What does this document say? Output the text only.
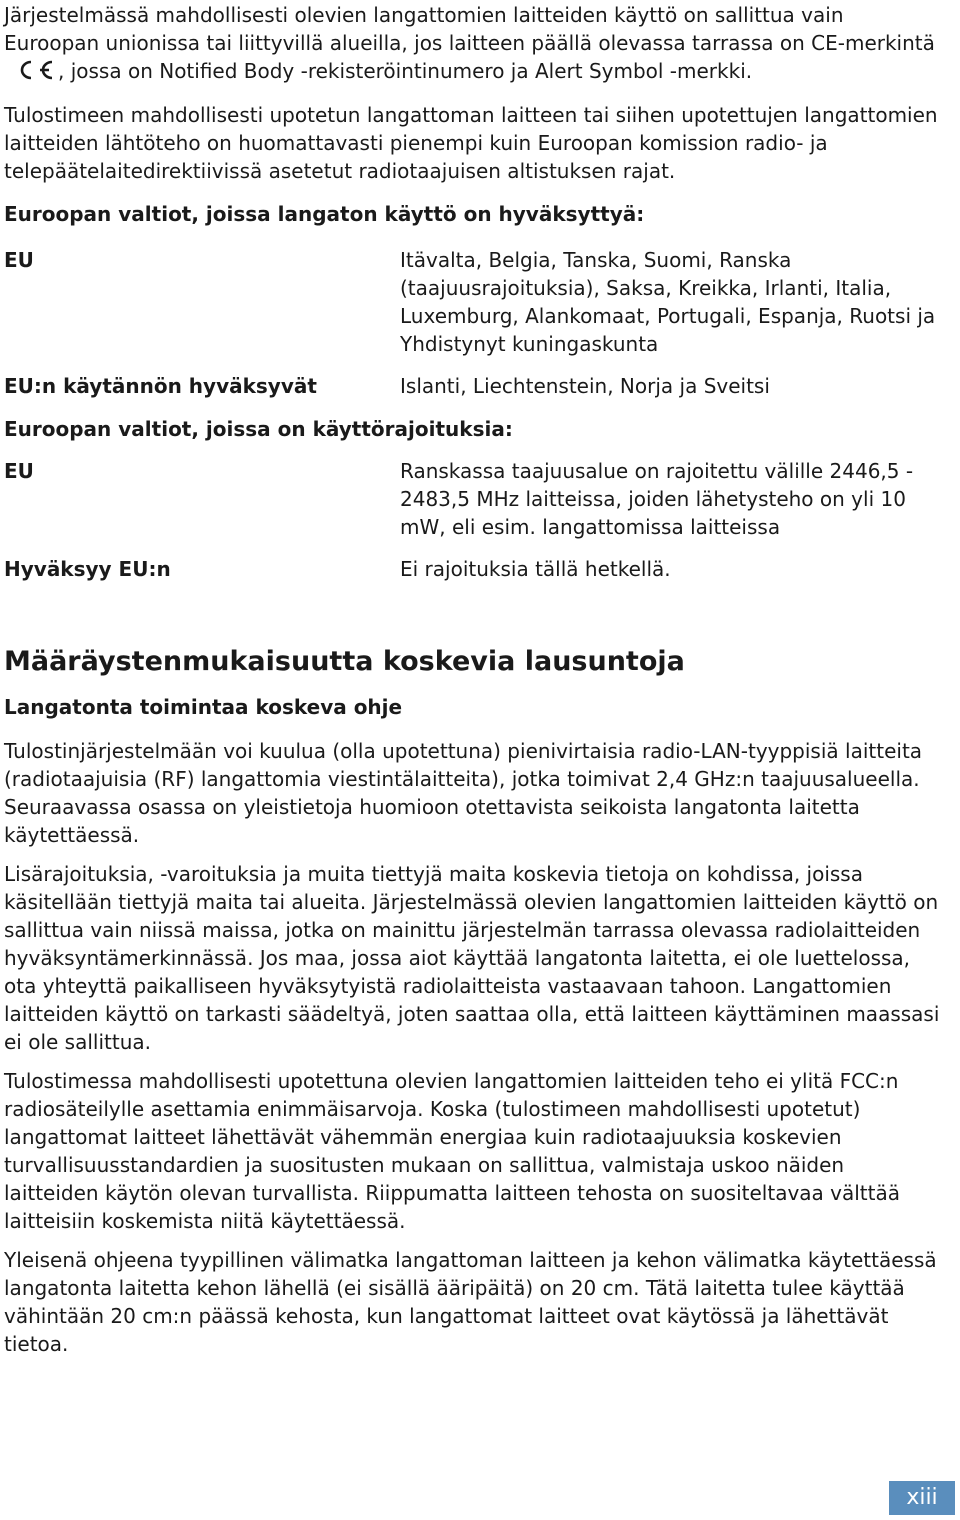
Järjestelmässä mahdollisesti olevien langattomien laitteiden käyttö on sallittua vain Euroopan unionissa tai liittyvillä alueilla, jos laitteen päällä olevassa tarrassa on CE-merkintä, jossa on Notified Body -rekisteröintinumero ja Alert Symbol -merkki.

Tulostimeen mahdollisesti upotetun langattoman laitteen tai siihen upotettujen langattomien laitteiden lähtöteho on huomattavasti pienempi kuin Euroopan komission radio- ja telepäätelaitedirektiivissä asetetut radiotaajuisen altistuksen rajat.

Euroopan valtiot, joissa langaton käyttö on hyväksyttyä:

EU	Itävalta, Belgia, Tanska, Suomi, Ranska (taajuusrajoituksia), Saksa, Kreikka, Irlanti, Italia, Luxemburg, Alankomaat, Portugali, Espanja, Ruotsi ja Yhdistynyt kuningaskunta
EU:n käytännön hyväksyvät	Islanti, Liechtenstein, Norja ja Sveitsi

Euroopan valtiot, joissa on käyttörajoituksia:

EU	Ranskassa taajuusalue on rajoitettu välille 2446,5 - 2483,5 MHz laitteissa, joiden lähetysteho on yli 10 mW, eli esim. langattomissa laitteissa
Hyväksyy EU:n	Ei rajoituksia tällä hetkellä.

Määräystenmukaisuutta koskevia lausuntoja

Langatonta toimintaa koskeva ohje

Tulostinjärjestelmään voi kuulua (olla upotettuna) pienivirtaisia radio-LAN-tyyppisiä laitteita (radiotaajuisia (RF) langattomia viestintälaitteita), jotka toimivat 2,4 GHz:n taajuusalueella. Seuraavassa osassa on yleistietoja huomioon otettavista seikoista langatonta laitetta käytettäessä.

Lisärajoituksia, -varoituksia ja muita tiettyjä maita koskevia tietoja on kohdissa, joissa käsitellään tiettyjä maita tai alueita. Järjestelmässä olevien langattomien laitteiden käyttö on sallittua vain niissä maissa, jotka on mainittu järjestelmän tarrassa olevassa radiolaitteiden hyväksyntämerkinnässä. Jos maa, jossa aiot käyttää langatonta laitetta, ei ole luettelossa, ota yhteyttä paikalliseen hyväksytyistä radiolaitteista vastaavaan tahoon. Langattomien laitteiden käyttö on tarkasti säädeltyä, joten saattaa olla, että laitteen käyttäminen maassasi ei ole sallittua.

Tulostimessa mahdollisesti upotettuna olevien langattomien laitteiden teho ei ylitä FCC:n radiosäteilylle asettamia enimmäisarvoja. Koska (tulostimeen mahdollisesti upotetut) langattomat laitteet lähettävät vähemmän energiaa kuin radiotaajuuksia koskevien turvallisuusstandardien ja suositusten mukaan on sallittua, valmistaja uskoo näiden laitteiden käytön olevan turvallista. Riippumatta laitteen tehosta on suositeltavaa välttää laitteisiin koskemista niitä käytettäessä.

Yleisenä ohjeena tyypillinen välimatka langattoman laitteen ja kehon välimatka käytettäessä langatonta laitetta kehon lähellä (ei sisällä ääripäitä) on 20 cm. Tätä laitetta tulee käyttää vähintään 20 cm:n päässä kehosta, kun langattomat laitteet ovat käytössä ja lähettävät tietoa.

xiii
